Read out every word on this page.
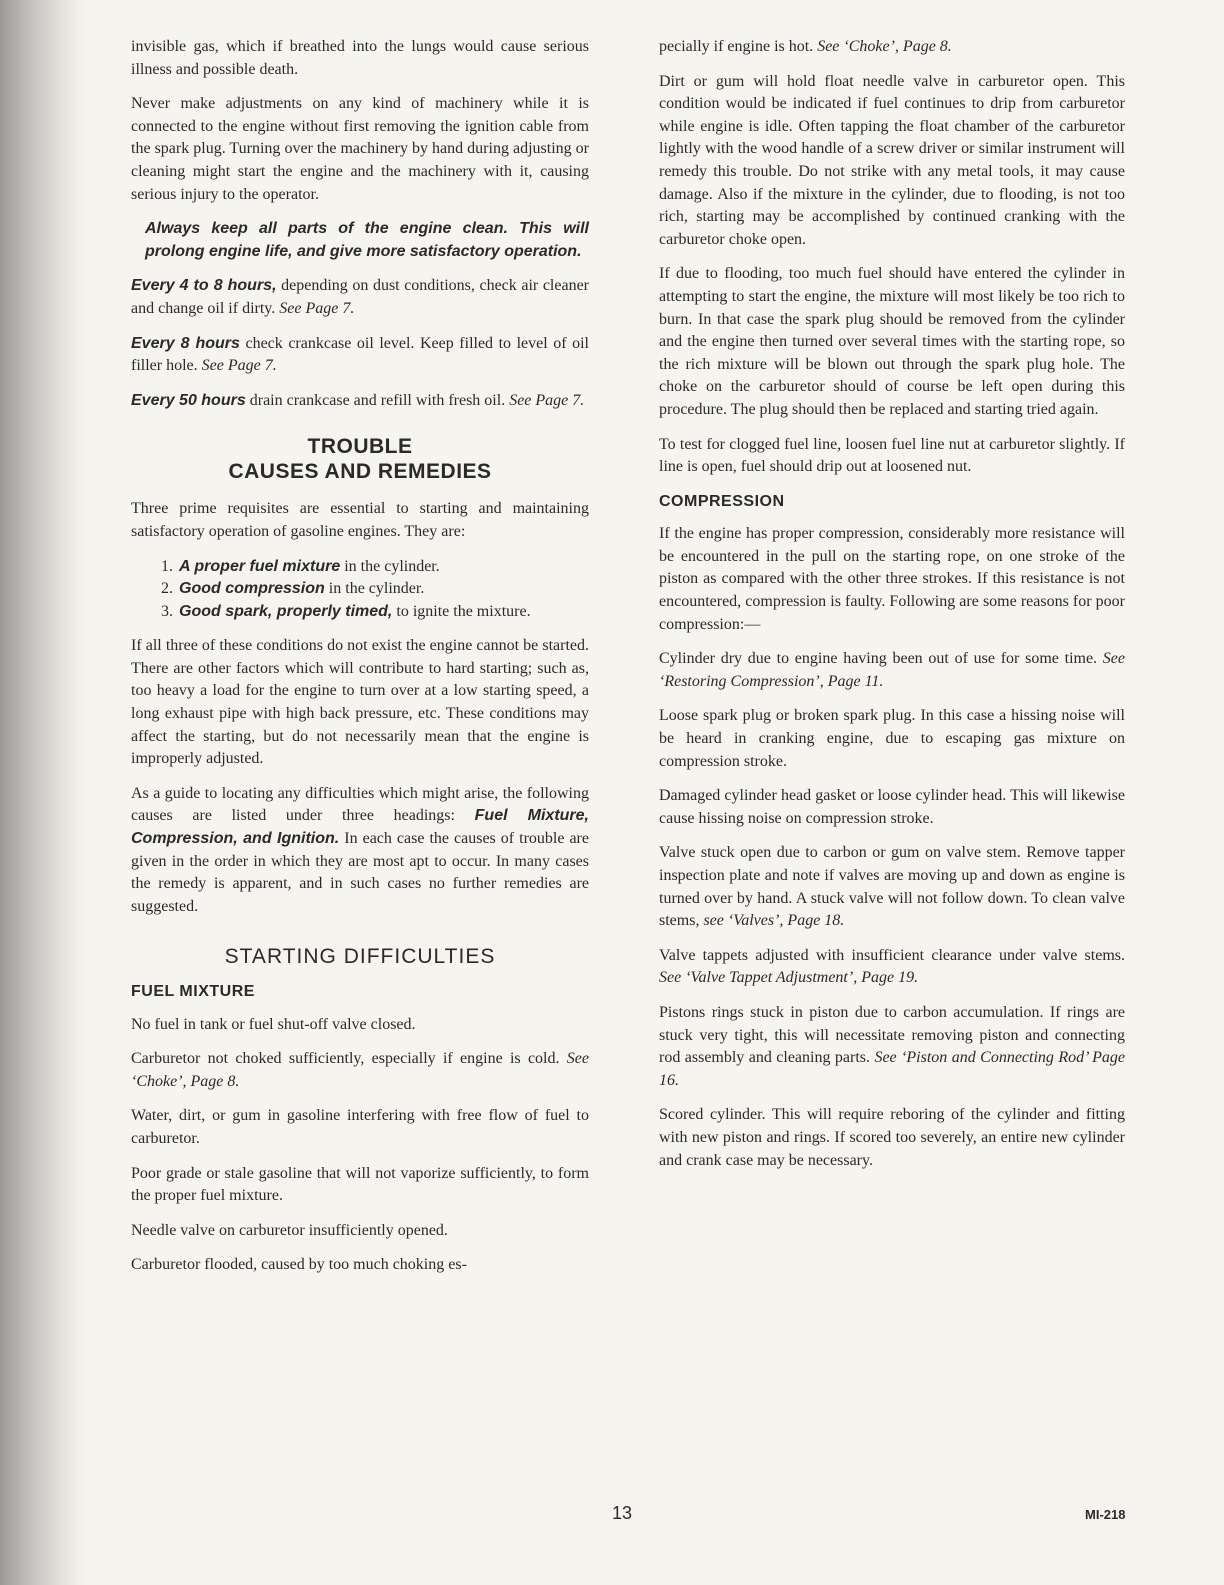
invisible gas, which if breathed into the lungs would cause serious illness and possible death.

Never make adjustments on any kind of machinery while it is connected to the engine without first removing the ignition cable from the spark plug. Turning over the machinery by hand during adjusting or cleaning might start the engine and the machinery with it, causing serious injury to the operator.

Always keep all parts of the engine clean. This will prolong engine life, and give more satisfactory operation.

Every 4 to 8 hours, depending on dust conditions, check air cleaner and change oil if dirty. See Page 7.

Every 8 hours check crankcase oil level. Keep filled to level of oil filler hole. See Page 7.

Every 50 hours drain crankcase and refill with fresh oil. See Page 7.

TROUBLE
CAUSES AND REMEDIES

Three prime requisites are essential to starting and maintaining satisfactory operation of gasoline engines. They are:

1. A proper fuel mixture in the cylinder.
2. Good compression in the cylinder.
3. Good spark, properly timed, to ignite the mixture.

If all three of these conditions do not exist the engine cannot be started. There are other factors which will contribute to hard starting; such as, too heavy a load for the engine to turn over at a low starting speed, a long exhaust pipe with high back pressure, etc. These conditions may affect the starting, but do not necessarily mean that the engine is improperly adjusted.

As a guide to locating any difficulties which might arise, the following causes are listed under three headings: Fuel Mixture, Compression, and Ignition. In each case the causes of trouble are given in the order in which they are most apt to occur. In many cases the remedy is apparent, and in such cases no further remedies are suggested.

STARTING DIFFICULTIES
FUEL MIXTURE

No fuel in tank or fuel shut-off valve closed.

Carburetor not choked sufficiently, especially if engine is cold. See ‘Choke’, Page 8.

Water, dirt, or gum in gasoline interfering with free flow of fuel to carburetor.

Poor grade or stale gasoline that will not vaporize sufficiently, to form the proper fuel mixture.

Needle valve on carburetor insufficiently opened.

Carburetor flooded, caused by too much choking es-

pecially if engine is hot. See ‘Choke’, Page 8.

Dirt or gum will hold float needle valve in carburetor open. This condition would be indicated if fuel continues to drip from carburetor while engine is idle. Often tapping the float chamber of the carburetor lightly with the wood handle of a screw driver or similar instrument will remedy this trouble. Do not strike with any metal tools, it may cause damage. Also if the mixture in the cylinder, due to flooding, is not too rich, starting may be accomplished by continued cranking with the carburetor choke open.

If due to flooding, too much fuel should have entered the cylinder in attempting to start the engine, the mixture will most likely be too rich to burn. In that case the spark plug should be removed from the cylinder and the engine then turned over several times with the starting rope, so the rich mixture will be blown out through the spark plug hole. The choke on the carburetor should of course be left open during this procedure. The plug should then be replaced and starting tried again.

To test for clogged fuel line, loosen fuel line nut at carburetor slightly. If line is open, fuel should drip out at loosened nut.

COMPRESSION

If the engine has proper compression, considerably more resistance will be encountered in the pull on the starting rope, on one stroke of the piston as compared with the other three strokes. If this resistance is not encountered, compression is faulty. Following are some reasons for poor compression:—

Cylinder dry due to engine having been out of use for some time. See ‘Restoring Compression’, Page 11.

Loose spark plug or broken spark plug. In this case a hissing noise will be heard in cranking engine, due to escaping gas mixture on compression stroke.

Damaged cylinder head gasket or loose cylinder head. This will likewise cause hissing noise on compression stroke.

Valve stuck open due to carbon or gum on valve stem. Remove tapper inspection plate and note if valves are moving up and down as engine is turned over by hand. A stuck valve will not follow down. To clean valve stems, see ‘Valves’, Page 18.

Valve tappets adjusted with insufficient clearance under valve stems. See ‘Valve Tappet Adjustment’, Page 19.

Pistons rings stuck in piston due to carbon accumulation. If rings are stuck very tight, this will necessitate removing piston and connecting rod assembly and cleaning parts. See ‘Piston and Connecting Rod’ Page 16.

Scored cylinder. This will require reboring of the cylinder and fitting with new piston and rings. If scored too severely, an entire new cylinder and crank case may be necessary.

13	MI-218
